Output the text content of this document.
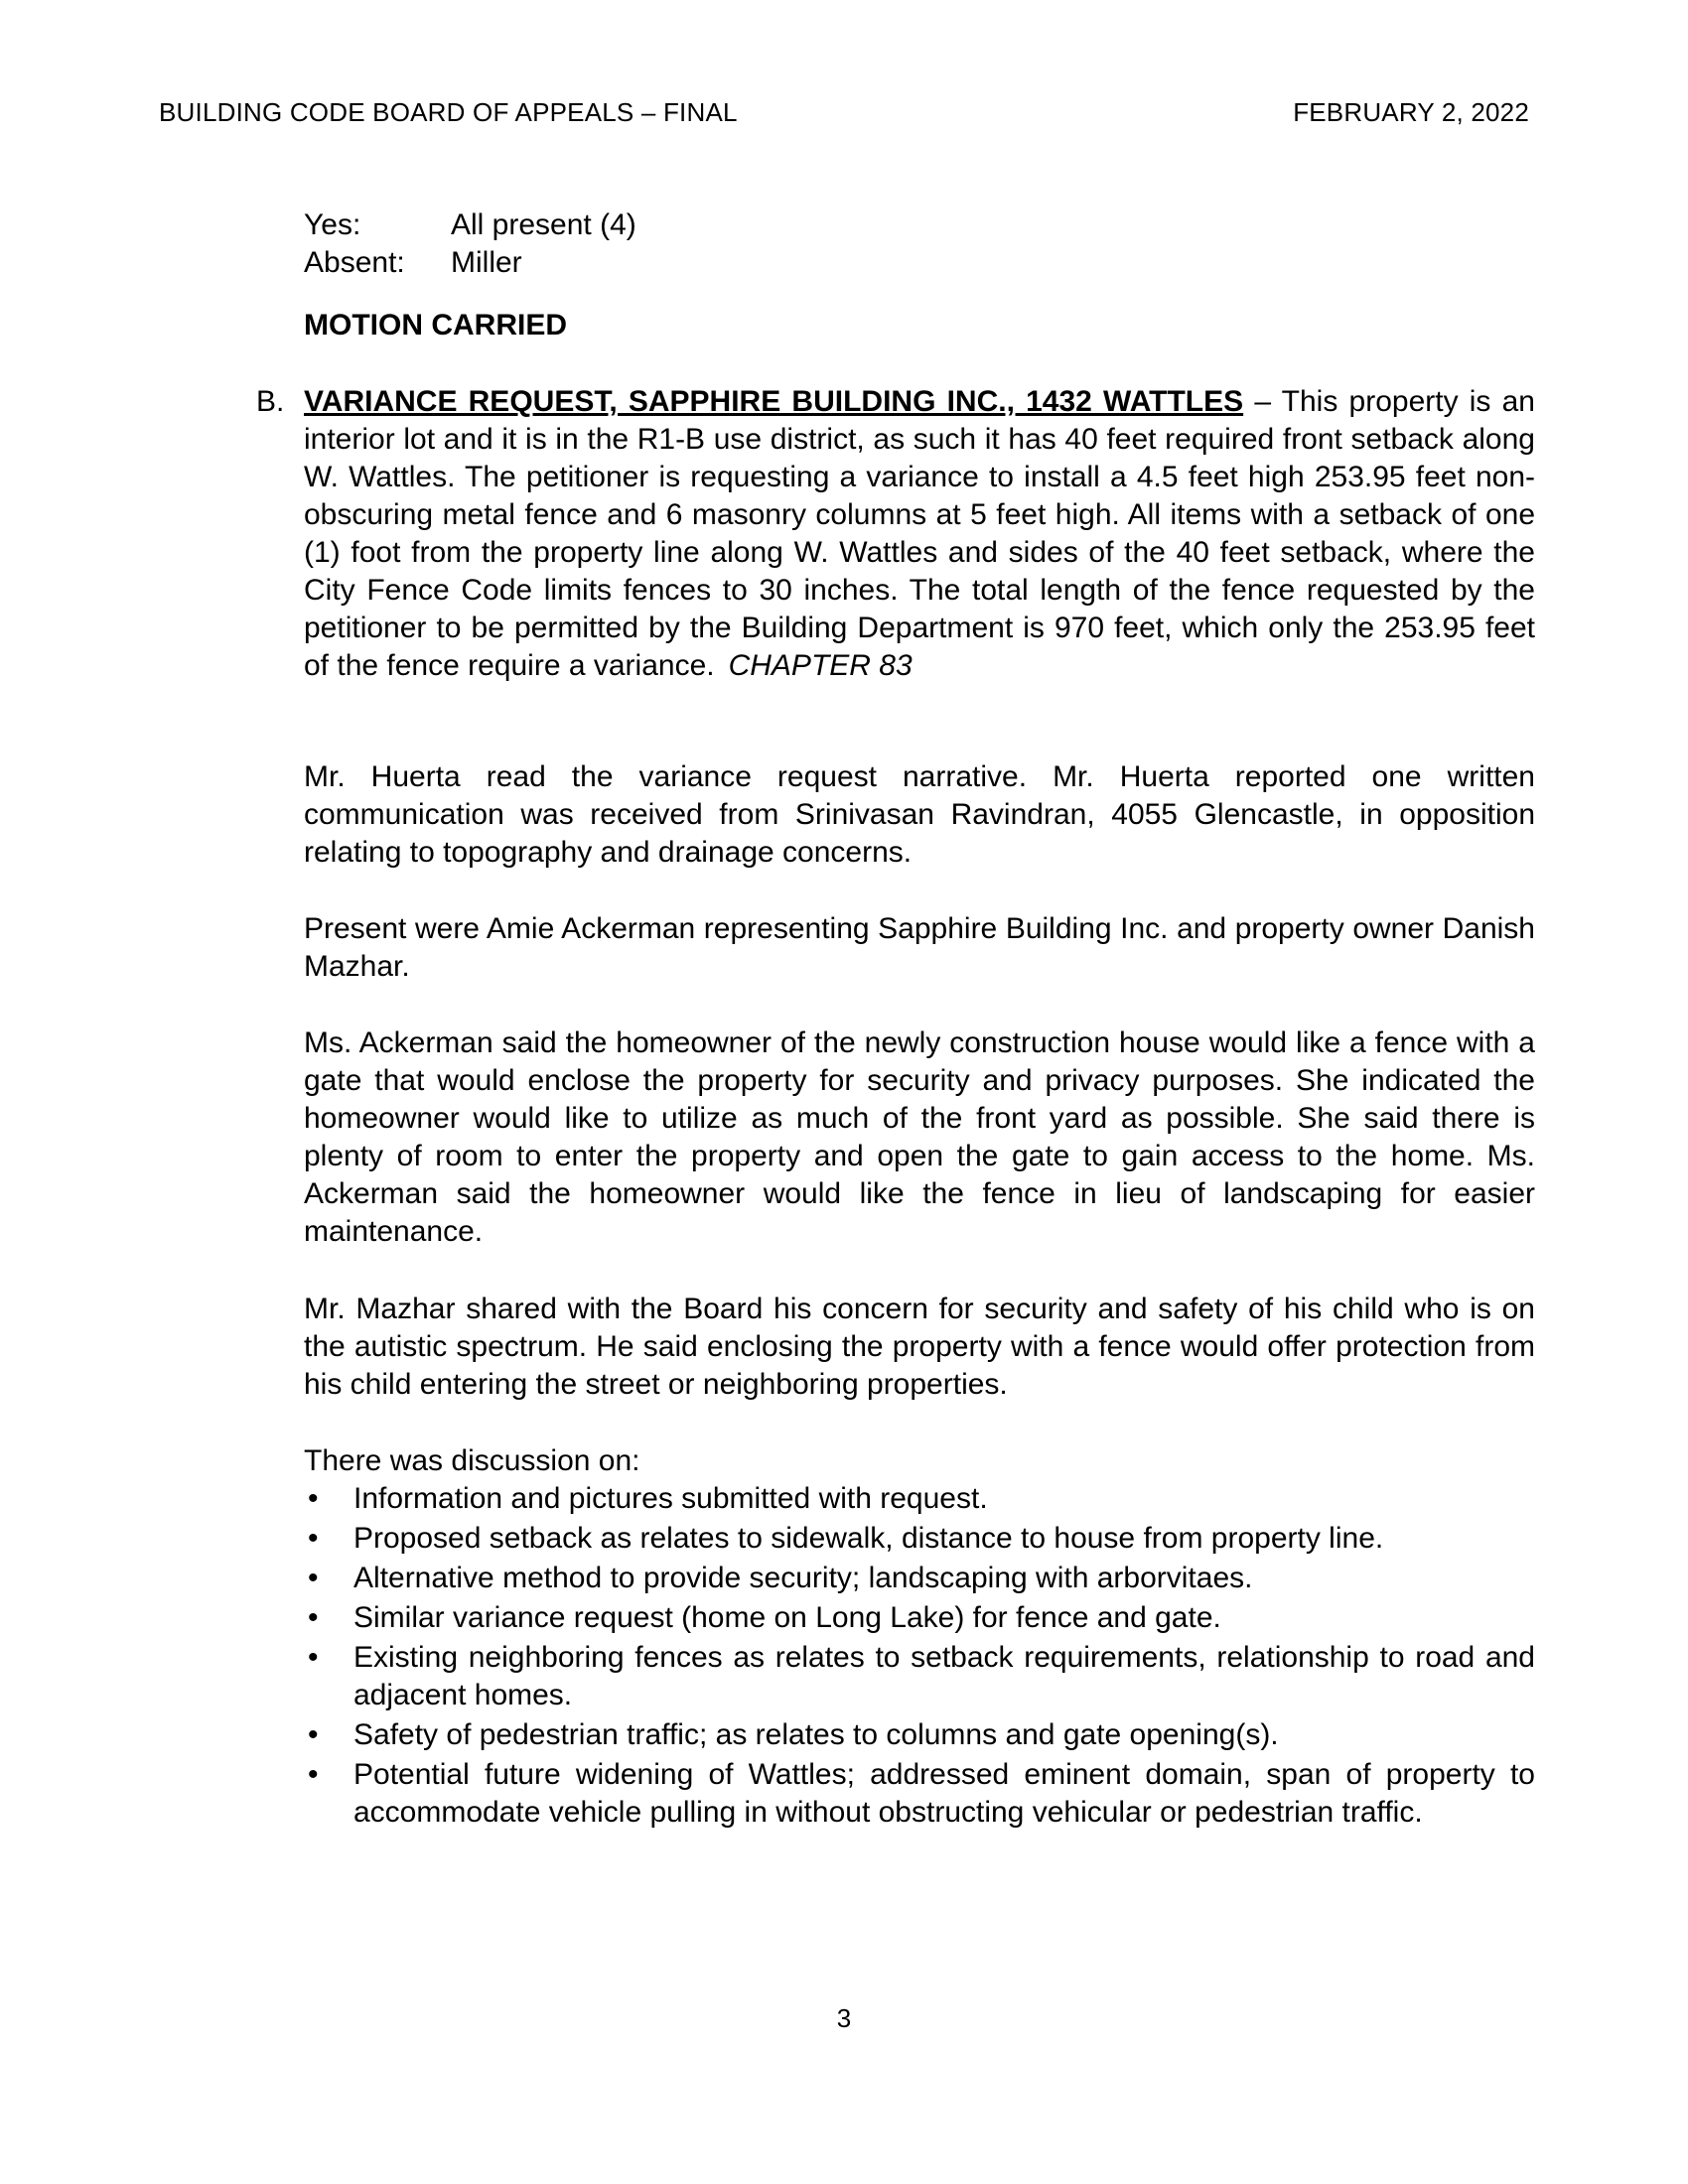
BUILDING CODE BOARD OF APPEALS – FINAL	FEBRUARY 2, 2022
Yes:	All present (4)
Absent:	Miller
MOTION CARRIED
B. VARIANCE REQUEST, SAPPHIRE BUILDING INC., 1432 WATTLES – This property is an interior lot and it is in the R1-B use district, as such it has 40 feet required front setback along W. Wattles. The petitioner is requesting a variance to install a 4.5 feet high 253.95 feet non-obscuring metal fence and 6 masonry columns at 5 feet high. All items with a setback of one (1) foot from the property line along W. Wattles and sides of the 40 feet setback, where the City Fence Code limits fences to 30 inches. The total length of the fence requested by the petitioner to be permitted by the Building Department is 970 feet, which only the 253.95 feet of the fence require a variance. CHAPTER 83

Mr. Huerta read the variance request narrative. Mr. Huerta reported one written communication was received from Srinivasan Ravindran, 4055 Glencastle, in opposition relating to topography and drainage concerns.

Present were Amie Ackerman representing Sapphire Building Inc. and property owner Danish Mazhar.

Ms. Ackerman said the homeowner of the newly construction house would like a fence with a gate that would enclose the property for security and privacy purposes. She indicated the homeowner would like to utilize as much of the front yard as possible. She said there is plenty of room to enter the property and open the gate to gain access to the home. Ms. Ackerman said the homeowner would like the fence in lieu of landscaping for easier maintenance.

Mr. Mazhar shared with the Board his concern for security and safety of his child who is on the autistic spectrum. He said enclosing the property with a fence would offer protection from his child entering the street or neighboring properties.

There was discussion on:

• Information and pictures submitted with request.
• Proposed setback as relates to sidewalk, distance to house from property line.
• Alternative method to provide security; landscaping with arborvitaes.
• Similar variance request (home on Long Lake) for fence and gate.
• Existing neighboring fences as relates to setback requirements, relationship to road and adjacent homes.
• Safety of pedestrian traffic; as relates to columns and gate opening(s).
• Potential future widening of Wattles; addressed eminent domain, span of property to accommodate vehicle pulling in without obstructing vehicular or pedestrian traffic.
3
